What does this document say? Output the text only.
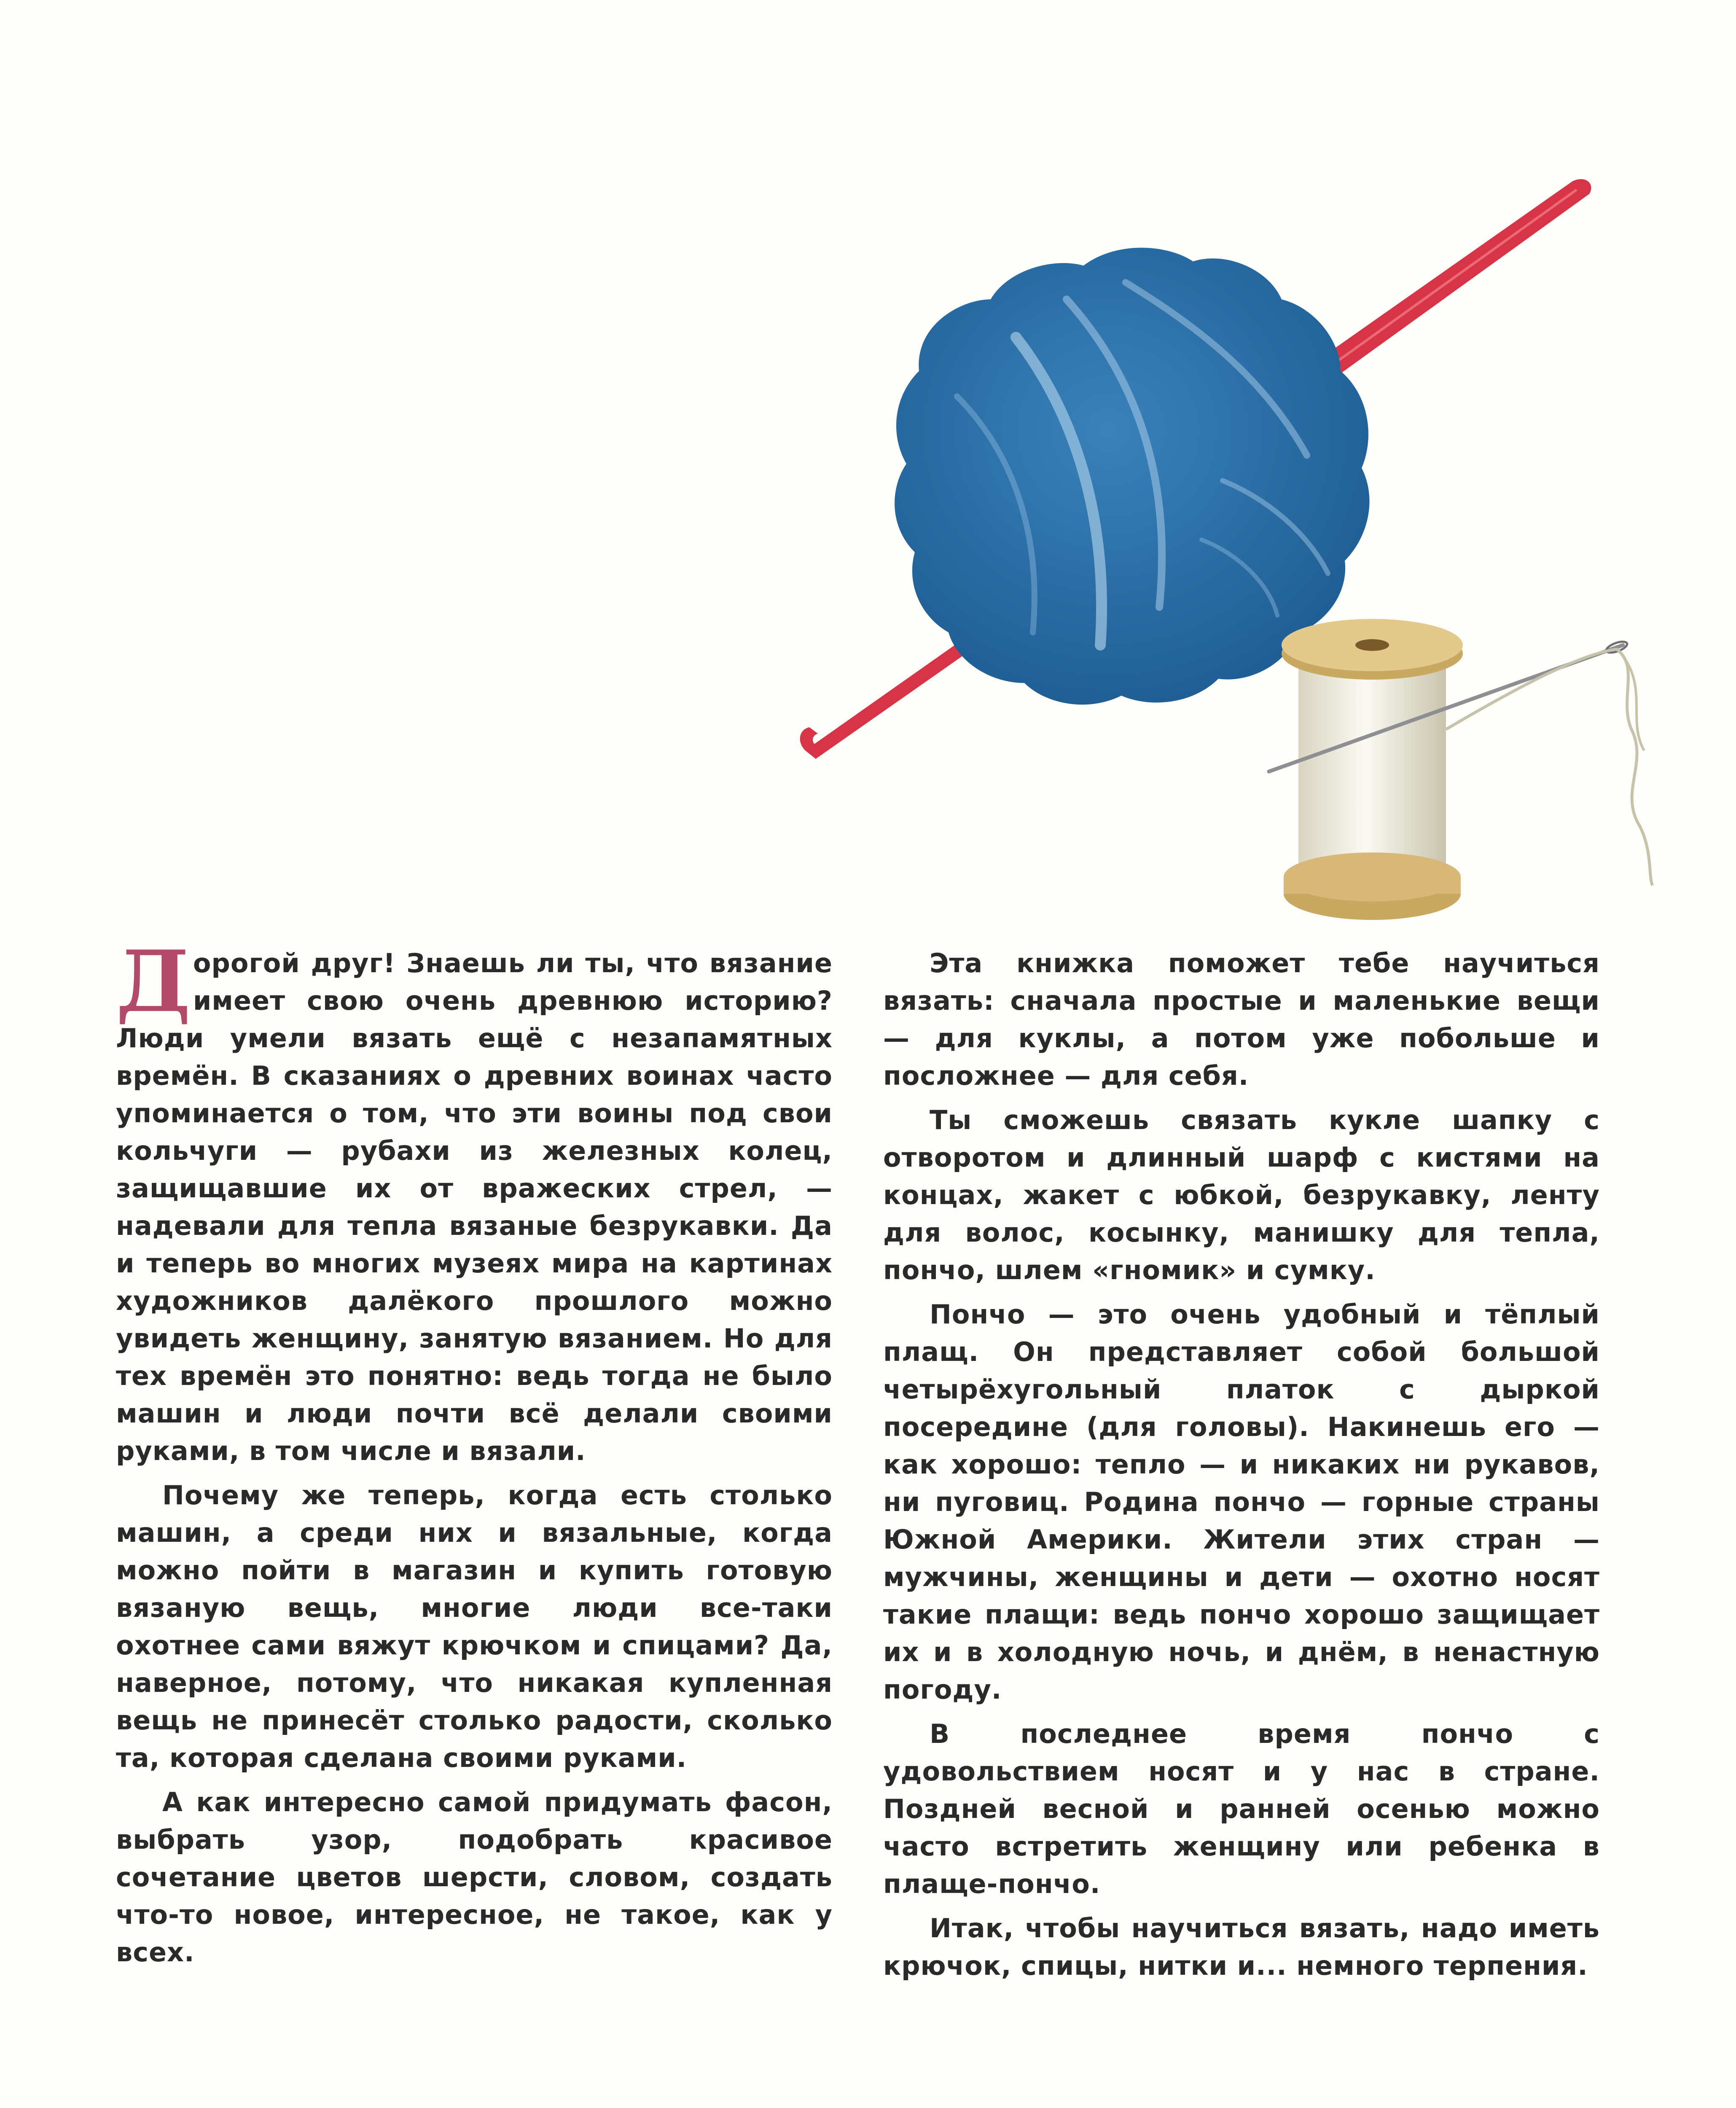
Дорогой друг! Знаешь ли ты, что вязание имеет свою очень древнюю историю? Люди умели вязать ещё с незапамятных времён. В сказаниях о древних воинах часто упоминается о том, что эти воины под свои кольчуги — рубахи из железных колец, защищавшие их от вражеских стрел, — надевали для тепла вязаные безрукавки. Да и теперь во многих музеях мира на картинах художников далёкого прошлого можно увидеть женщину, занятую вязанием. Но для тех времён это понятно: ведь тогда не было машин и люди почти всё делали своими руками, в том числе и вязали.

Почему же теперь, когда есть столько машин, а среди них и вязальные, когда можно пойти в магазин и купить готовую вязаную вещь, многие люди все-таки охотнее сами вяжут крючком и спицами? Да, наверное, потому, что никакая купленная вещь не принесёт столько радости, сколько та, которая сделана своими руками.

А как интересно самой придумать фасон, выбрать узор, подобрать красивое сочетание цветов шерсти, словом, создать что-то новое, интересное, не такое, как у всех.

Эта книжка поможет тебе научиться вязать: сначала простые и маленькие вещи — для куклы, а потом уже побольше и посложнее — для себя.

Ты сможешь связать кукле шапку с отворотом и длинный шарф с кистями на концах, жакет с юбкой, безрукавку, ленту для волос, косынку, манишку для тепла, пончо, шлем «гномик» и сумку.

Пончо — это очень удобный и тёплый плащ. Он представляет собой большой четырёхугольный платок с дыркой посередине (для головы). Накинешь его — как хорошо: тепло — и никаких ни рукавов, ни пуговиц. Родина пончо — горные страны Южной Америки. Жители этих стран — мужчины, женщины и дети — охотно носят такие плащи: ведь пончо хорошо защищает их и в холодную ночь, и днём, в ненастную погоду.

В последнее время пончо с удовольствием носят и у нас в стране. Поздней весной и ранней осенью можно часто встретить женщину или ребенка в плаще-пончо.

Итак, чтобы научиться вязать, надо иметь крючок, спицы, нитки и... немного терпения.
